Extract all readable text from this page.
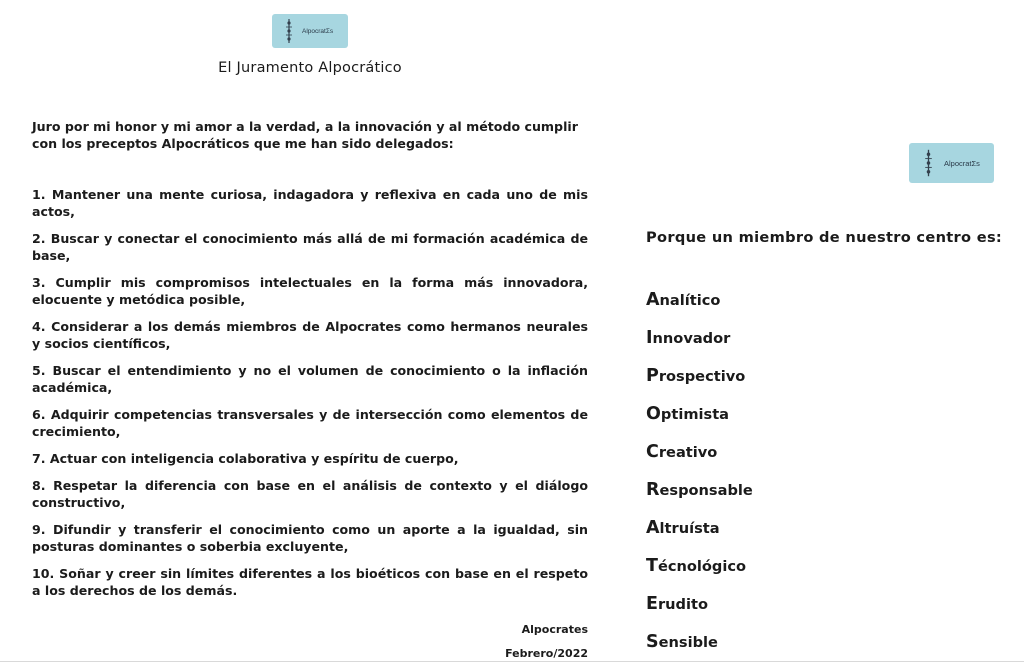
AlpocratΣs
El Juramento Alpocrático
Juro por mi honor y mi amor a la verdad, a la innovación y al método cumplir con los preceptos Alpocráticos que me han sido delegados:
1. Mantener una mente curiosa, indagadora y reflexiva en cada uno de mis actos,
2. Buscar y conectar el conocimiento más allá de mi formación académica de base,
3. Cumplir mis compromisos intelectuales en la forma más innovadora, elocuente y metódica posible,
4. Considerar a los demás miembros de Alpocrates como hermanos neurales y socios científicos,
5. Buscar el entendimiento y no el volumen de conocimiento o la inflación académica,
6. Adquirir competencias transversales y de intersección como elementos de crecimiento,
7. Actuar con inteligencia colaborativa y espíritu de cuerpo,
8. Respetar la diferencia con base en el análisis de contexto y el diálogo constructivo,
9. Difundir y transferir el conocimiento como un aporte a la igualdad, sin posturas dominantes o soberbia excluyente,
10. Soñar y creer sin límites diferentes a los bioéticos con base en el respeto a los derechos de los demás.
Alpocrates
Febrero/2022
AlpocratΣs
Porque un miembro de nuestro centro es:
Analítico
Innovador
Prospectivo
Optimista
Creativo
Responsable
Altruísta
Técnológico
Erudito
Sensible
